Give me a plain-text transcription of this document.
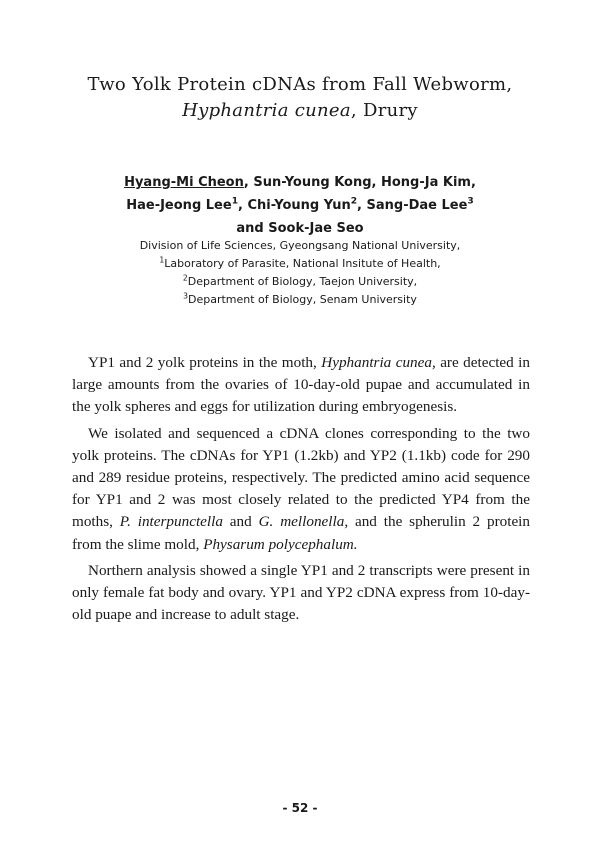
Two Yolk Protein cDNAs from Fall Webworm,
Hyphantria cunea, Drury
Hyang-Mi Cheon, Sun-Young Kong, Hong-Ja Kim,
Hae-Jeong Lee$^1$, Chi-Young Yun$^2$, Sang-Dae Lee$^3$
and Sook-Jae Seo
Division of Life Sciences, Gyeongsang National University,
$^1$Laboratory of Parasite, National Insitute of Health,
$^2$Department of Biology, Taejon University,
$^3$Department of Biology, Senam University

YP1 and 2 yolk proteins in the moth, Hyphantria cunea, are detected in large amounts from the ovaries of 10-day-old pupae and accumulated in the yolk spheres and eggs for utilization during embryogenesis.

We isolated and sequenced a cDNA clones corresponding to the two yolk proteins. The cDNAs for YP1 (1.2kb) and YP2 (1.1kb) code for 290 and 289 residue proteins, respectively. The predicted amino acid sequence for YP1 and 2 was most closely related to the predicted YP4 from the moths, P. interpunctella and G. mellonella, and the spherulin 2 protein from the slime mold, Physarum polycephalum.

Northern analysis showed a single YP1 and 2 transcripts were present in only female fat body and ovary. YP1 and YP2 cDNA express from 10-day-old puape and increase to adult stage.

- 52 -
